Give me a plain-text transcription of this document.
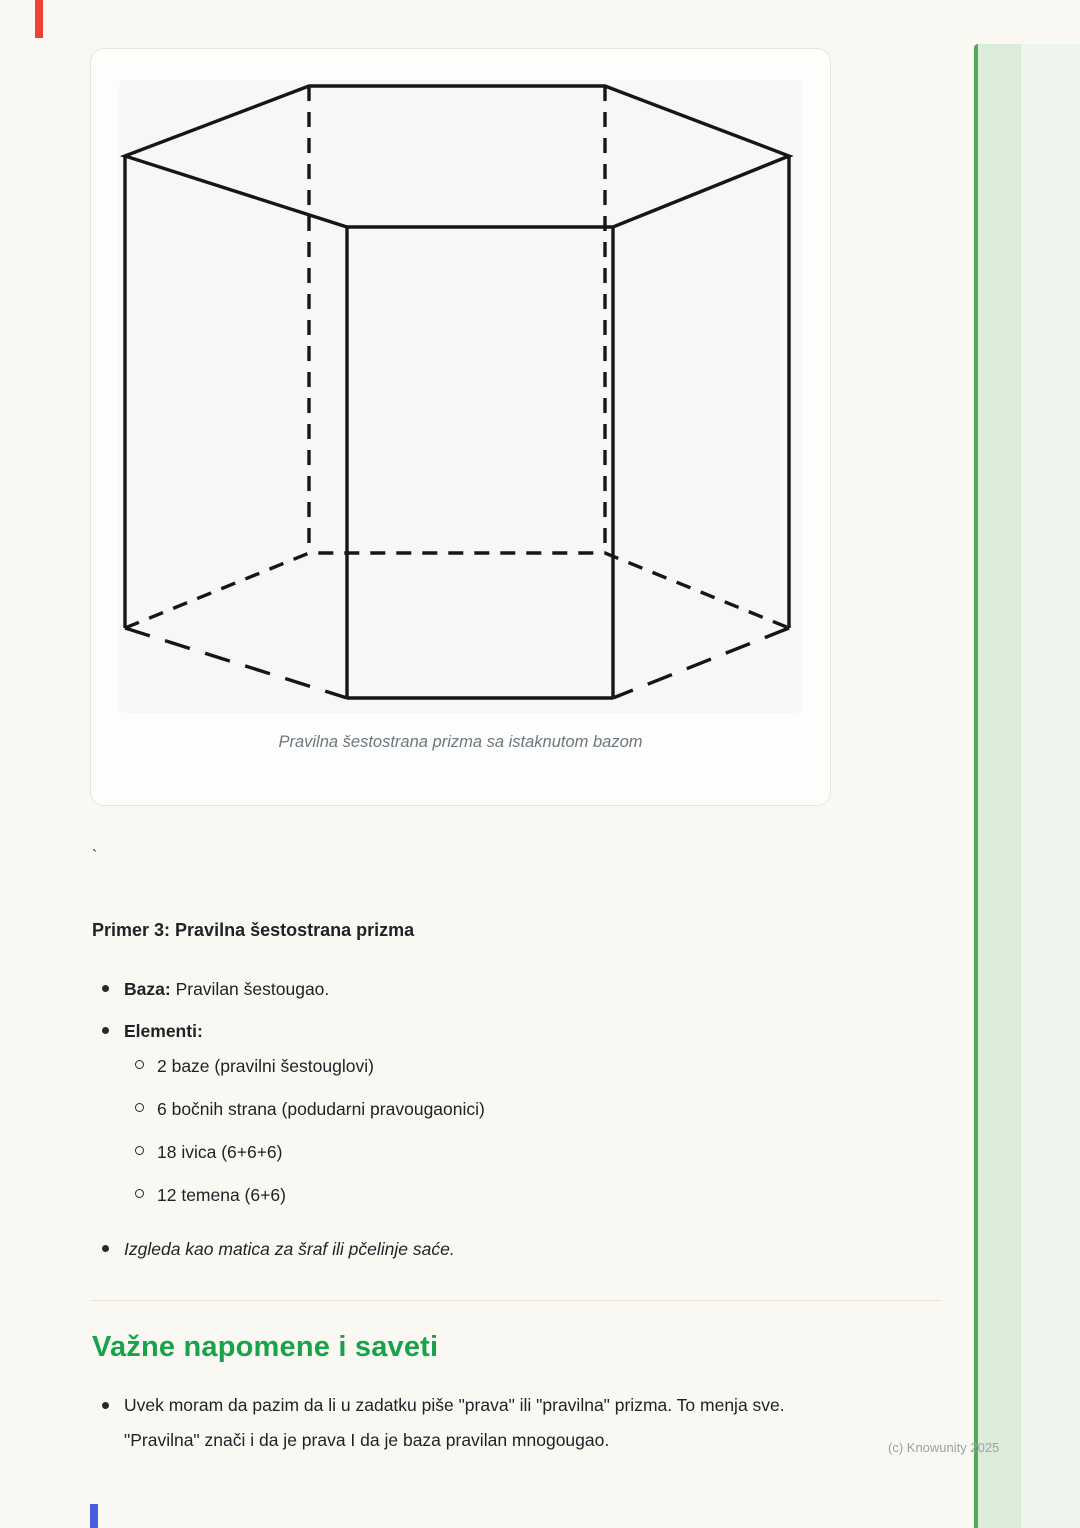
Pravilna šestostrana prizma sa istaknutom bazom
`
Primer 3: Pravilna šestostrana prizma
Baza: Pravilan šestougao.
Elementi:
2 baze (pravilni šestouglovi)
6 bočnih strana (podudarni pravougaonici)
18 ivica (6+6+6)
12 temena (6+6)
Izgleda kao matica za šraf ili pčelinje saće.
Važne napomene i saveti
Uvek moram da pazim da li u zadatku piše "prava" ili "pravilna" prizma. To menja sve. "Pravilna" znači i da je prava I da je baza pravilan mnogougao.	(c) Knowunity 2025
